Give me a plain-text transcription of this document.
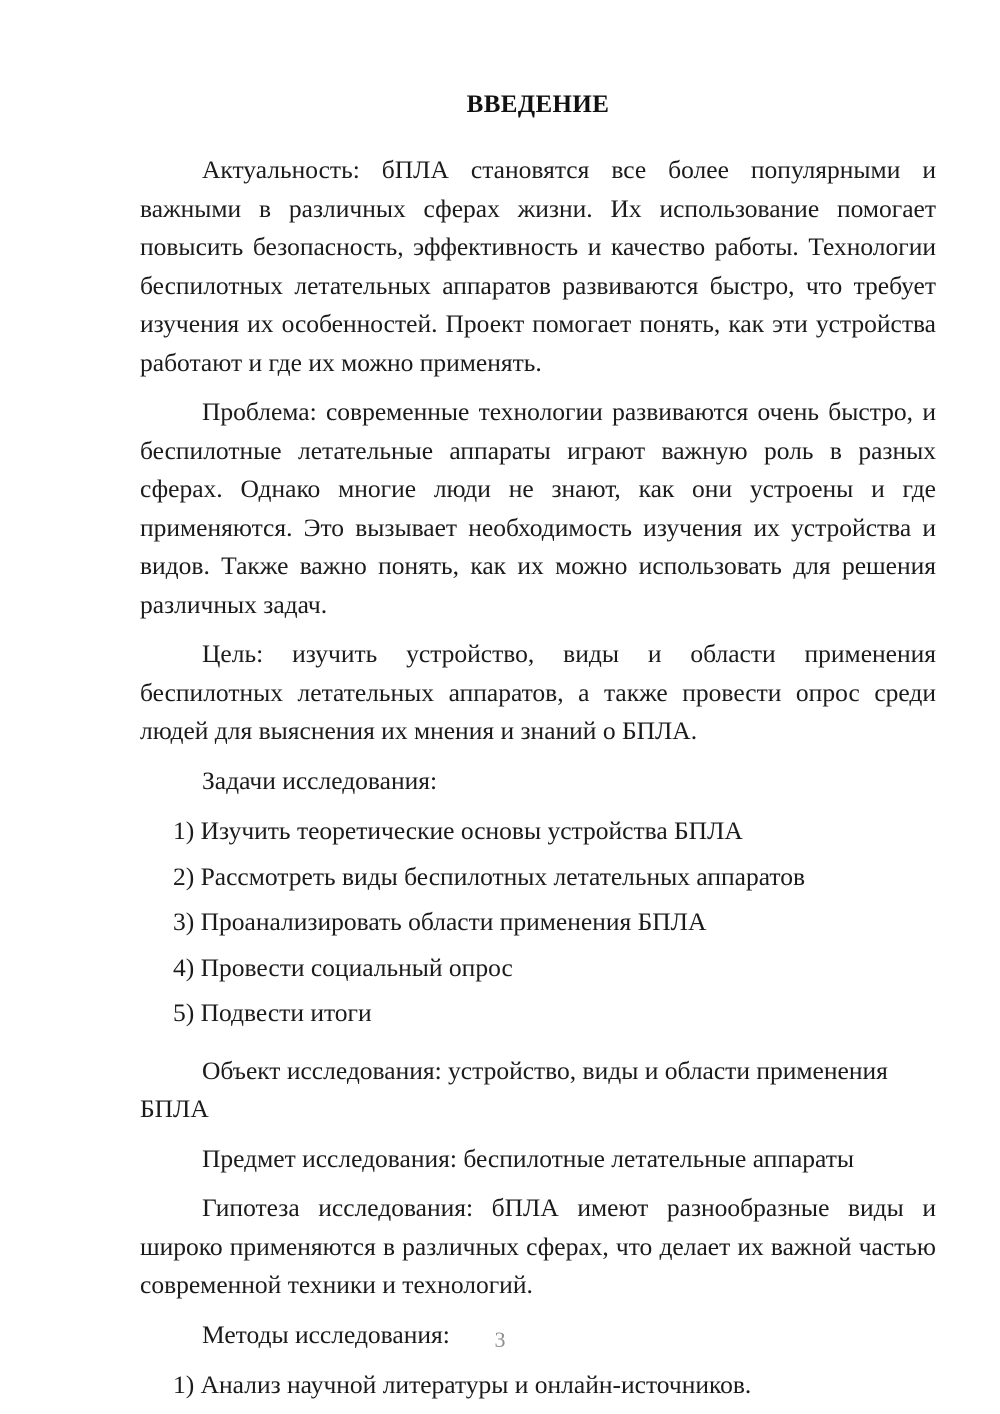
ВВЕДЕНИЕ

Актуальность: бПЛА становятся все более популярными и важными в различных сферах жизни. Их использование помогает повысить безопасность, эффективность и качество работы. Технологии беспилотных летательных аппаратов развиваются быстро, что требует изучения их особенностей. Проект помогает понять, как эти устройства работают и где их можно применять.

Проблема: современные технологии развиваются очень быстро, и беспилотные летательные аппараты играют важную роль в разных сферах. Однако многие люди не знают, как они устроены и где применяются. Это вызывает необходимость изучения их устройства и видов. Также важно понять, как их можно использовать для решения различных задач.

Цель: изучить устройство, виды и области применения беспилотных летательных аппаратов, а также провести опрос среди людей для выяснения их мнения и знаний о БПЛА.

Задачи исследования:

1) Изучить теоретические основы устройства БПЛА
2) Рассмотреть виды беспилотных летательных аппаратов
3) Проанализировать области применения БПЛА
4) Провести социальный опрос
5) Подвести итоги

Объект исследования: устройство, виды и области применения БПЛА

Предмет исследования: беспилотные летательные аппараты

Гипотеза исследования: бПЛА имеют разнообразные виды и широко применяются в различных сферах, что делает их важной частью современной техники и технологий.

Методы исследования:

1) Анализ научной литературы и онлайн-источников.
3
